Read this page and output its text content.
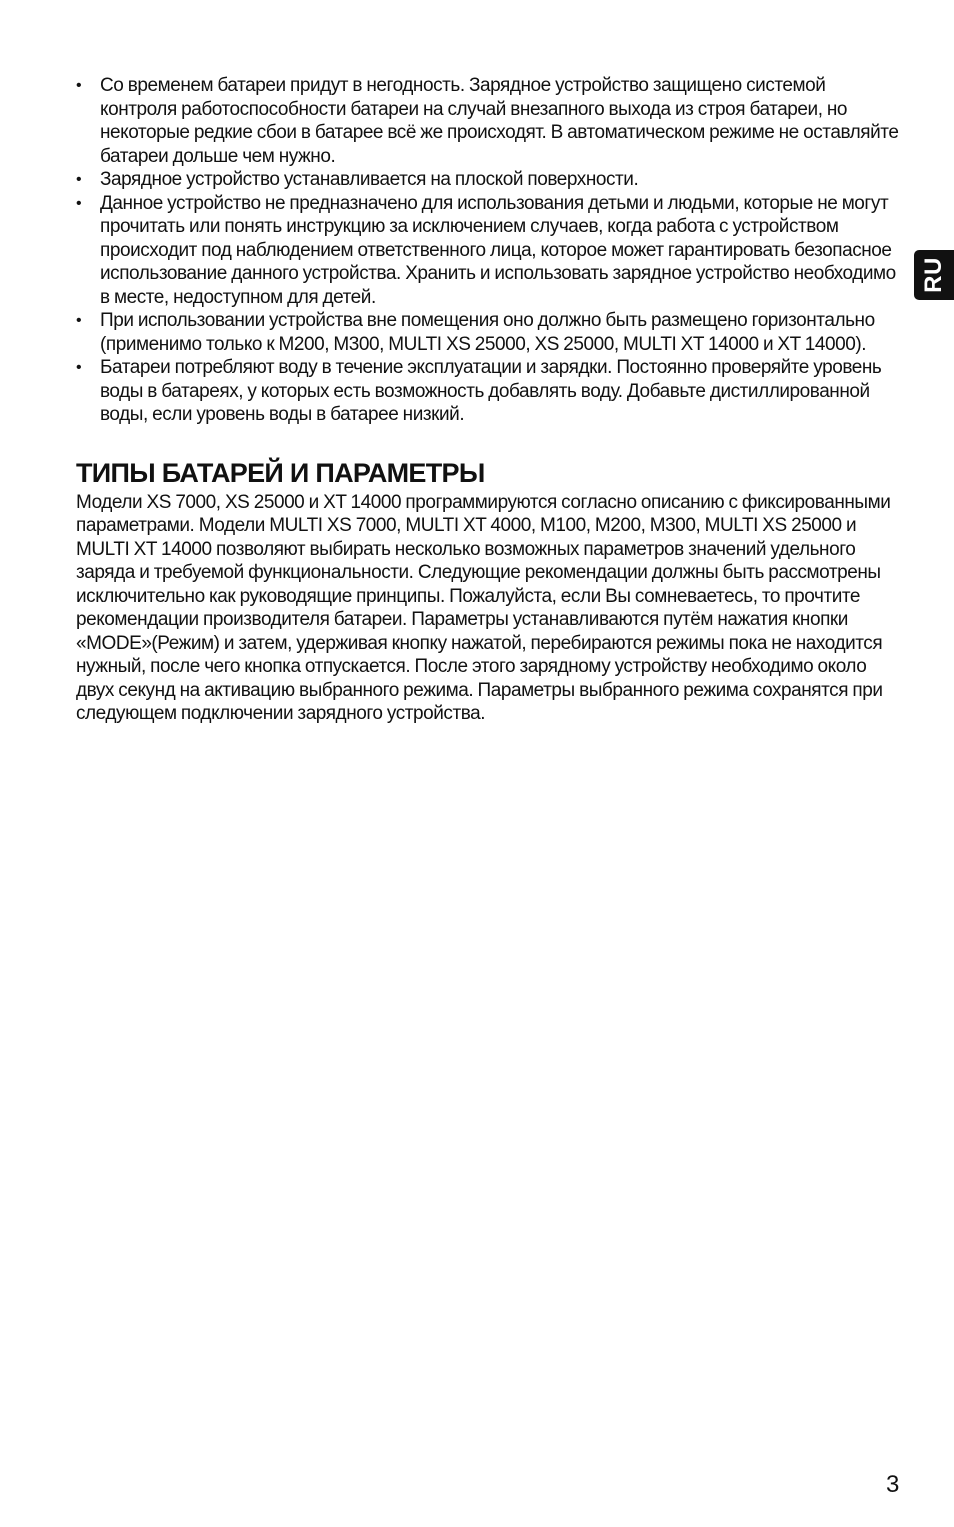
RU
• Со временем батареи придут в негодность. Зарядное устройство защищено системой контроля работоспособности батареи на случай внезапного выхода из строя батареи, но некоторые редкие сбои в батарее всё же происходят. В автоматическом режиме не оставляйте батареи дольше чем нужно.
• Зарядное устройство устанавливается на плоской поверхности.
• Данное устройство не предназначено для использования детьми и людьми, которые не могут прочитать или понять инструкцию за исключением случаев, когда работа с устройством происходит под наблюдением ответственного лица, которое может гарантировать безопасное использование данного устройства. Хранить и использовать зарядное устройство необходимо в месте, недоступном для детей.
• При использовании устройства вне помещения оно должно быть размещено горизонтально (применимо только к M200, M300, MULTI XS 25000, XS 25000, MULTI XT 14000 и XT 14000).
• Батареи потребляют воду в течение эксплуатации и зарядки. Постоянно проверяйте уровень воды в батареях, у которых есть возможность добавлять воду. Добавьте дистиллированной воды, если уровень воды в батарее низкий.
ТИПЫ БАТАРЕЙ И ПАРАМЕТРЫ

Модели XS 7000, XS 25000 и XT 14000 программируются согласно описанию с фиксированными параметрами. Модели MULTI XS 7000, MULTI XT 4000, M100, M200, M300, MULTI XS 25000 и MULTI XT 14000 позволяют выбирать несколько возможных параметров значений удельного заряда и требуемой функциональности. Следующие рекомендации должны быть рассмотрены исключительно как руководящие принципы. Пожалуйста, если Вы сомневаетесь, то прочтите рекомендации производителя батареи. Параметры устанавливаются путём нажатия кнопки «MODE»(Режим) и затем, удерживая кнопку нажатой, перебираются режимы пока не находится нужный, после чего кнопка отпускается. После этого зарядному устройству необходимо около двух секунд на активацию выбранного режима. Параметры выбранного режима сохранятся при следующем подключении зарядного устройства.

3
